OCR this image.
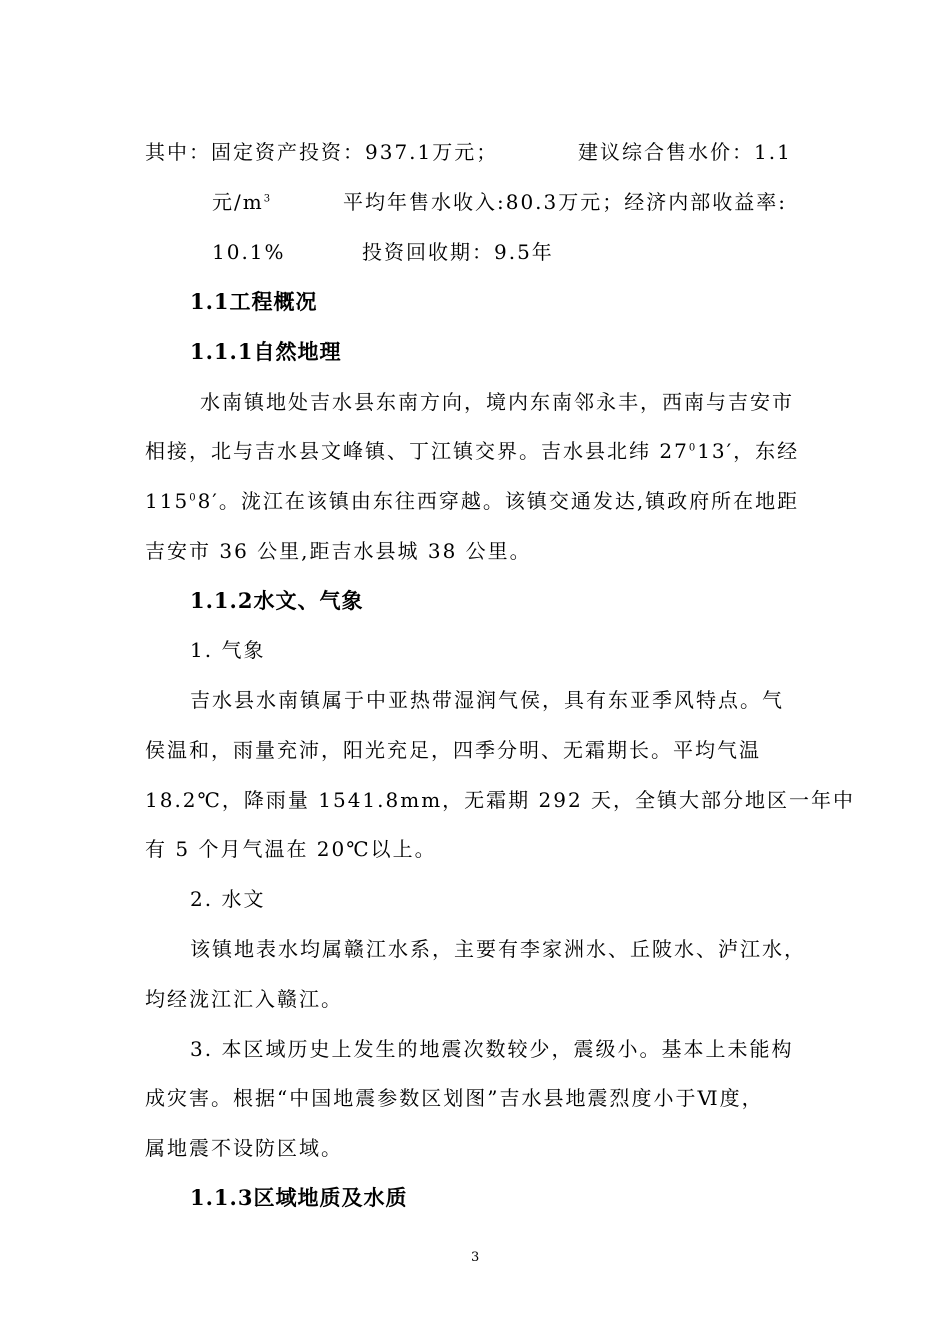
其中：固定资产投资：937.1万元；	建议综合售水价：1.1
元$/m^3$	平均年售水收入:80.3万元；经济内部收益率:
10.1%	投资回收期：9.5年
1.1工程概况
1.1.1自然地理
水南镇地处吉水县东南方向，境内东南邻永丰，西南与吉安市
相接，北与吉水县文峰镇、丁江镇交界。吉水县北纬 $27^013'$，东经
$115^08'$。泷江在该镇由东往西穿越。该镇交通发达,镇政府所在地距
吉安市 36 公里,距吉水县城 38 公里。
1.1.2水文、气象
1. 气象
吉水县水南镇属于中亚热带湿润气侯，具有东亚季风特点。气
侯温和，雨量充沛，阳光充足，四季分明、无霜期长。平均气温
18.2℃，降雨量 1541.8mm，无霜期 292 天，全镇大部分地区一年中
有 5 个月气温在 20℃以上。
2. 水文
该镇地表水均属赣江水系，主要有李家洲水、丘陂水、泸江水，
均经泷江汇入赣江。
3. 本区域历史上发生的地震次数较少，震级小。基本上未能构
成灾害。根据“中国地震参数区划图”吉水县地震烈度小于Ⅵ度，
属地震不设防区域。
1.1.3区域地质及水质
3
